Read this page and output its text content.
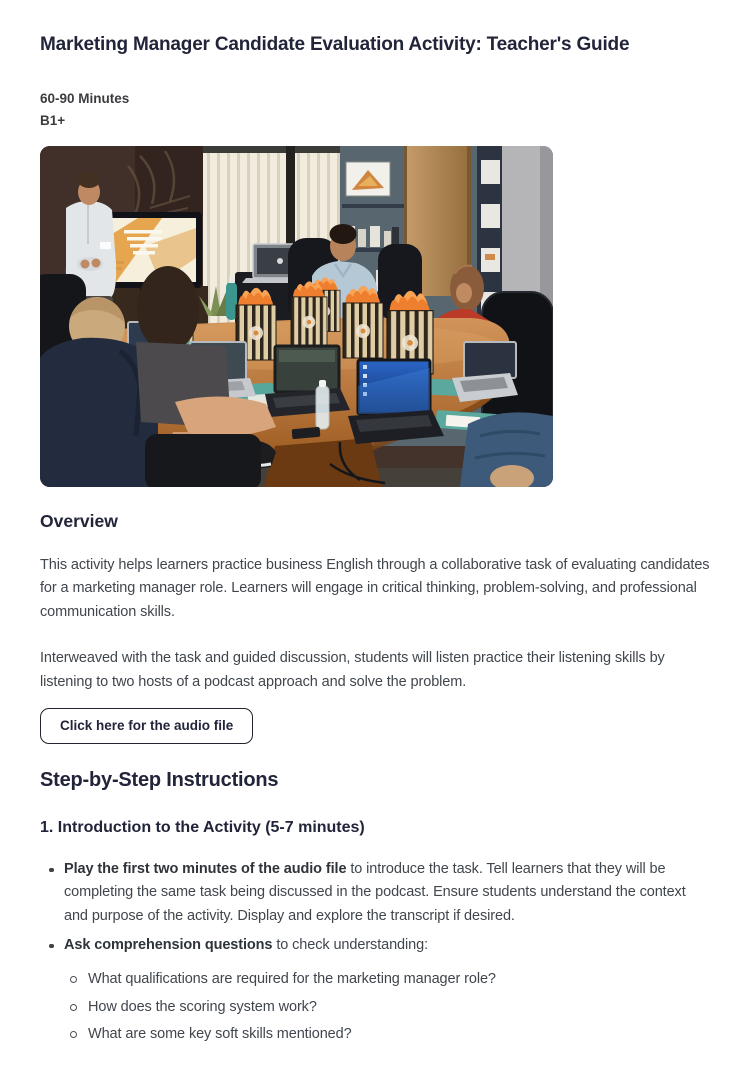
Marketing Manager Candidate Evaluation Activity: Teacher's Guide
60-90 Minutes
B1+
Overview

This activity helps learners practice business English through a collaborative task of evaluating candidates for a marketing manager role. Learners will engage in critical thinking, problem-solving, and professional communication skills.

Interweaved with the task and guided discussion, students will listen practice their listening skills by listening to two hosts of a podcast approach and solve the problem.

Click here for the audio file
Step-by-Step Instructions
1. Introduction to the Activity (5-7 minutes)
Play the first two minutes of the audio file to introduce the task. Tell learners that they will be completing the same task being discussed in the podcast. Ensure students understand the context and purpose of the activity. Display and explore the transcript if desired.
Ask comprehension questions to check understanding:
What qualifications are required for the marketing manager role?
How does the scoring system work?
What are some key soft skills mentioned?
